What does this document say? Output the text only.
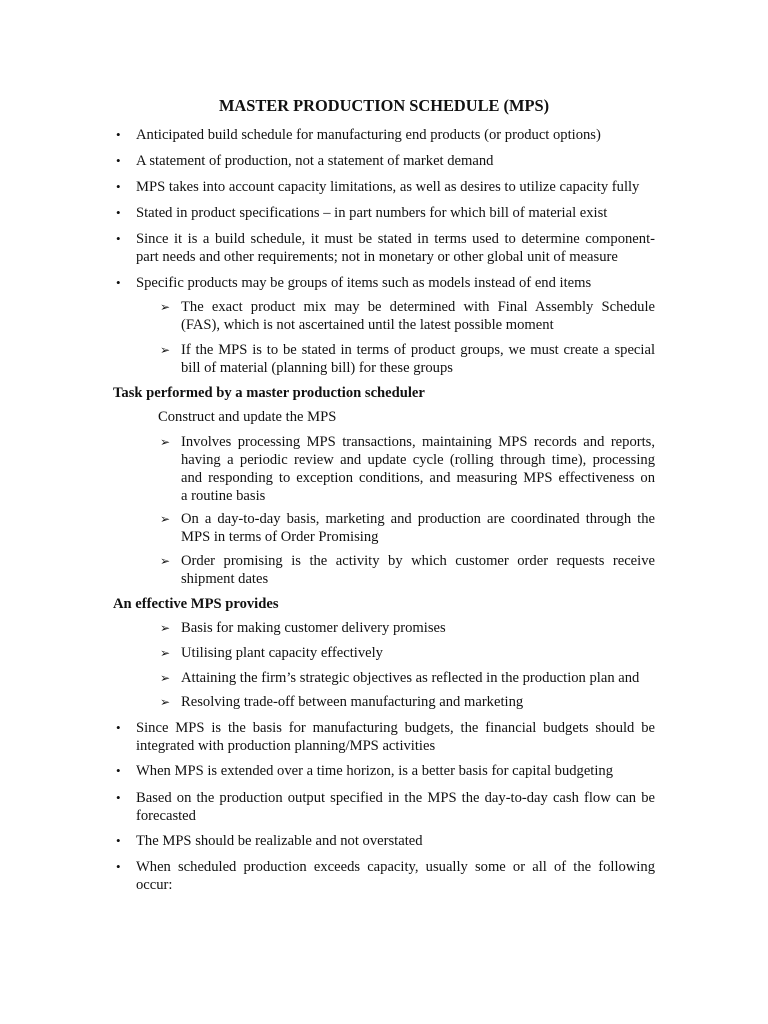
MASTER PRODUCTION SCHEDULE (MPS)
• Anticipated build schedule for manufacturing end products (or product options)
• A statement of production, not a statement of market demand
• MPS takes into account capacity limitations, as well as desires to utilize capacity fully
• Stated in product specifications – in part numbers for which bill of material exist
• Since it is a build schedule, it must be stated in terms used to determine component-
part needs and other requirements; not in monetary or other global unit of measure
• Specific products may be groups of items such as models instead of end items
➢ The exact product mix may be determined with Final Assembly Schedule
(FAS), which is not ascertained until the latest possible moment
➢ If the MPS is to be stated in terms of product groups, we must create a special
bill of material (planning bill) for these groups
Task performed by a master production scheduler
Construct and update the MPS
➢ Involves processing MPS transactions, maintaining MPS records and reports,
having a periodic review and update cycle (rolling through time), processing
and responding to exception conditions, and measuring MPS effectiveness on
a routine basis
➢ On a day-to-day basis, marketing and production are coordinated through the
MPS in terms of Order Promising
➢ Order promising is the activity by which customer order requests receive
shipment dates
An effective MPS provides
➢ Basis for making customer delivery promises
➢ Utilising plant capacity effectively
➢ Attaining the firm’s strategic objectives as reflected in the production plan and
➢ Resolving trade-off between manufacturing and marketing
• Since MPS is the basis for manufacturing budgets, the financial budgets should be
integrated with production planning/MPS activities
• When MPS is extended over a time horizon, is a better basis for capital budgeting
• Based on the production output specified in the MPS the day-to-day cash flow can be
forecasted
• The MPS should be realizable and not overstated
• When scheduled production exceeds capacity, usually some or all of the following
occur:
